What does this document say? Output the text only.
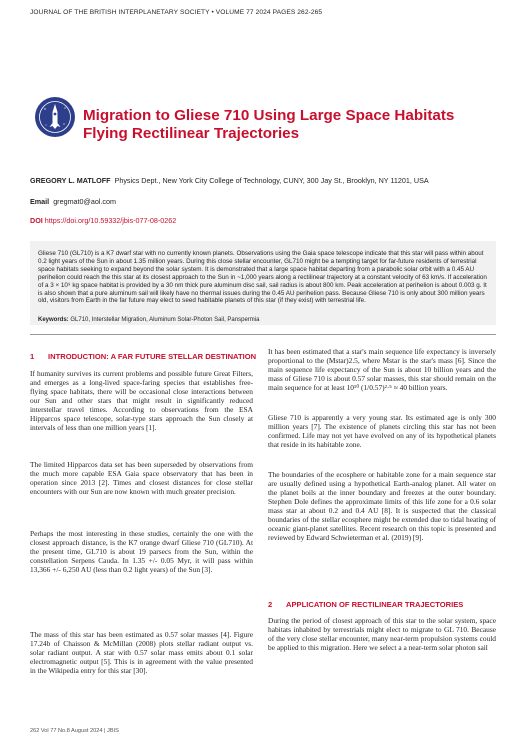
JOURNAL OF THE BRITISH INTERPLANETARY SOCIETY • VOLUME 77 2024 PAGES 262-265
Migration to Gliese 710 Using Large Space Habitats Flying Rectilinear Trajectories
GREGORY L. MATLOFF Physics Dept., New York City College of Technology, CUNY, 300 Jay St., Brooklyn, NY 11201, USA
Email gregmat0@aol.com
DOI https://doi.org/10.59332/jbis-077-08-0262
Gliese 710 (GL710) is a K7 dwarf star with no currently known planets. Observations using the Gaia space telescope indicate that this star will pass within about 0.2 light years of the Sun in about 1.35 million years. During this close stellar encounter, GL710 might be a tempting target for far-future residents of terrestrial space habitats seeking to expand beyond the solar system. It is demonstrated that a large space habitat departing from a parabolic solar orbit with a 0.45 AU perihelion could reach the this star at its closest approach to the Sun in ~1,000 years along a rectilinear trajectory at a constant velocity of 63 km/s. If acceleration of a 3 × 10⁹ kg space habitat is provided by a 30 nm thick pure aluminum disc sail, sail radius is about 800 km. Peak acceleration at perihelion is about 0.003 g. It is also shown that a pure aluminum sail will likely have no thermal issues during the 0.45 AU perihelion pass. Because Gliese 710 is only about 300 million years old, visitors from Earth in the far future may elect to seed habitable planets of this star (if they exist) with terrestrial life.
Keywords: GL710, Interstellar Migration, Aluminum Solar-Photon Sail, Panspermia
1 INTRODUCTION: A FAR FUTURE STELLAR DESTINATION
If humanity survives its current problems and possible future Great Filters, and emerges as a long-lived space-faring species that establishes free-flying space habitats, there will be occasional close interactions between our Sun and other stars that might result in significantly reduced interstellar travel times. According to observations from the ESA Hipparcos space telescope, solar-type stars approach the Sun closely at intervals of less than one million years [1].
The limited Hipparcos data set has been superseded by observations from the much more capable ESA Gaia space observatory that has been in operation since 2013 [2]. Times and closest distances for close stellar encounters with our Sun are now known with much greater precision.
Perhaps the most interesting in these studies, certainly the one with the closest approach distance, is the K7 orange dwarf Gliese 710 (GL710). At the present time, GL710 is about 19 parsecs from the Sun, within the constellation Serpens Cauda. In 1.35 +/- 0.05 Myr, it will pass within 13,366 +/- 6,250 AU (less than 0.2 light years) of the Sun [3].
The mass of this star has been estimated as 0.57 solar masses [4]. Figure 17.24b of Chaisson & McMillan (2008) plots stellar radiant output vs. solar radiant output. A star with 0.57 solar mass emits about 0.1 solar electromagnetic output [5]. This is in agreement with the value presented in the Wikipedia entry for this star [30].
It has been estimated that a star's main sequence life expectancy is inversely proportional to the (Mstar)2.5, where Mstar is the star's mass [6]. Since the main sequence life expectancy of the Sun is about 10 billion years and the mass of Gliese 710 is about 0.57 solar masses, this star should remain on the main sequence for at least 10¹⁰ (1/0.57)²·⁵ ≈ 40 billion years.
Gliese 710 is apparently a very young star. Its estimated age is only 300 million years [7]. The existence of planets circling this star has not been confirmed. Life may not yet have evolved on any of its hypothetical planets that reside in its habitable zone.
The boundaries of the ecosphere or habitable zone for a main sequence star are usually defined using a hypothetical Earth-analog planet. All water on the planet boils at the inner boundary and freezes at the outer boundary. Stephen Dole defines the approximate limits of this life zone for a 0.6 solar mass star at about 0.2 and 0.4 AU [8]. It is suspected that the classical boundaries of the stellar ecosphere might be extended due to tidal heating of oceanic giant-planet satellites. Recent research on this topic is presented and reviewed by Edward Schwieterman et al. (2019) [9].
2 APPLICATION OF RECTILINEAR TRAJECTORIES
During the period of closest approach of this star to the solar system, space habitats inhabited by terrestrials might elect to migrate to GL 710. Because of the very close stellar encounter, many near-term propulsion systems could be applied to this migration. Here we select a a near-term solar photon sail
262 Vol 77 No.8 August 2024 | JBIS
